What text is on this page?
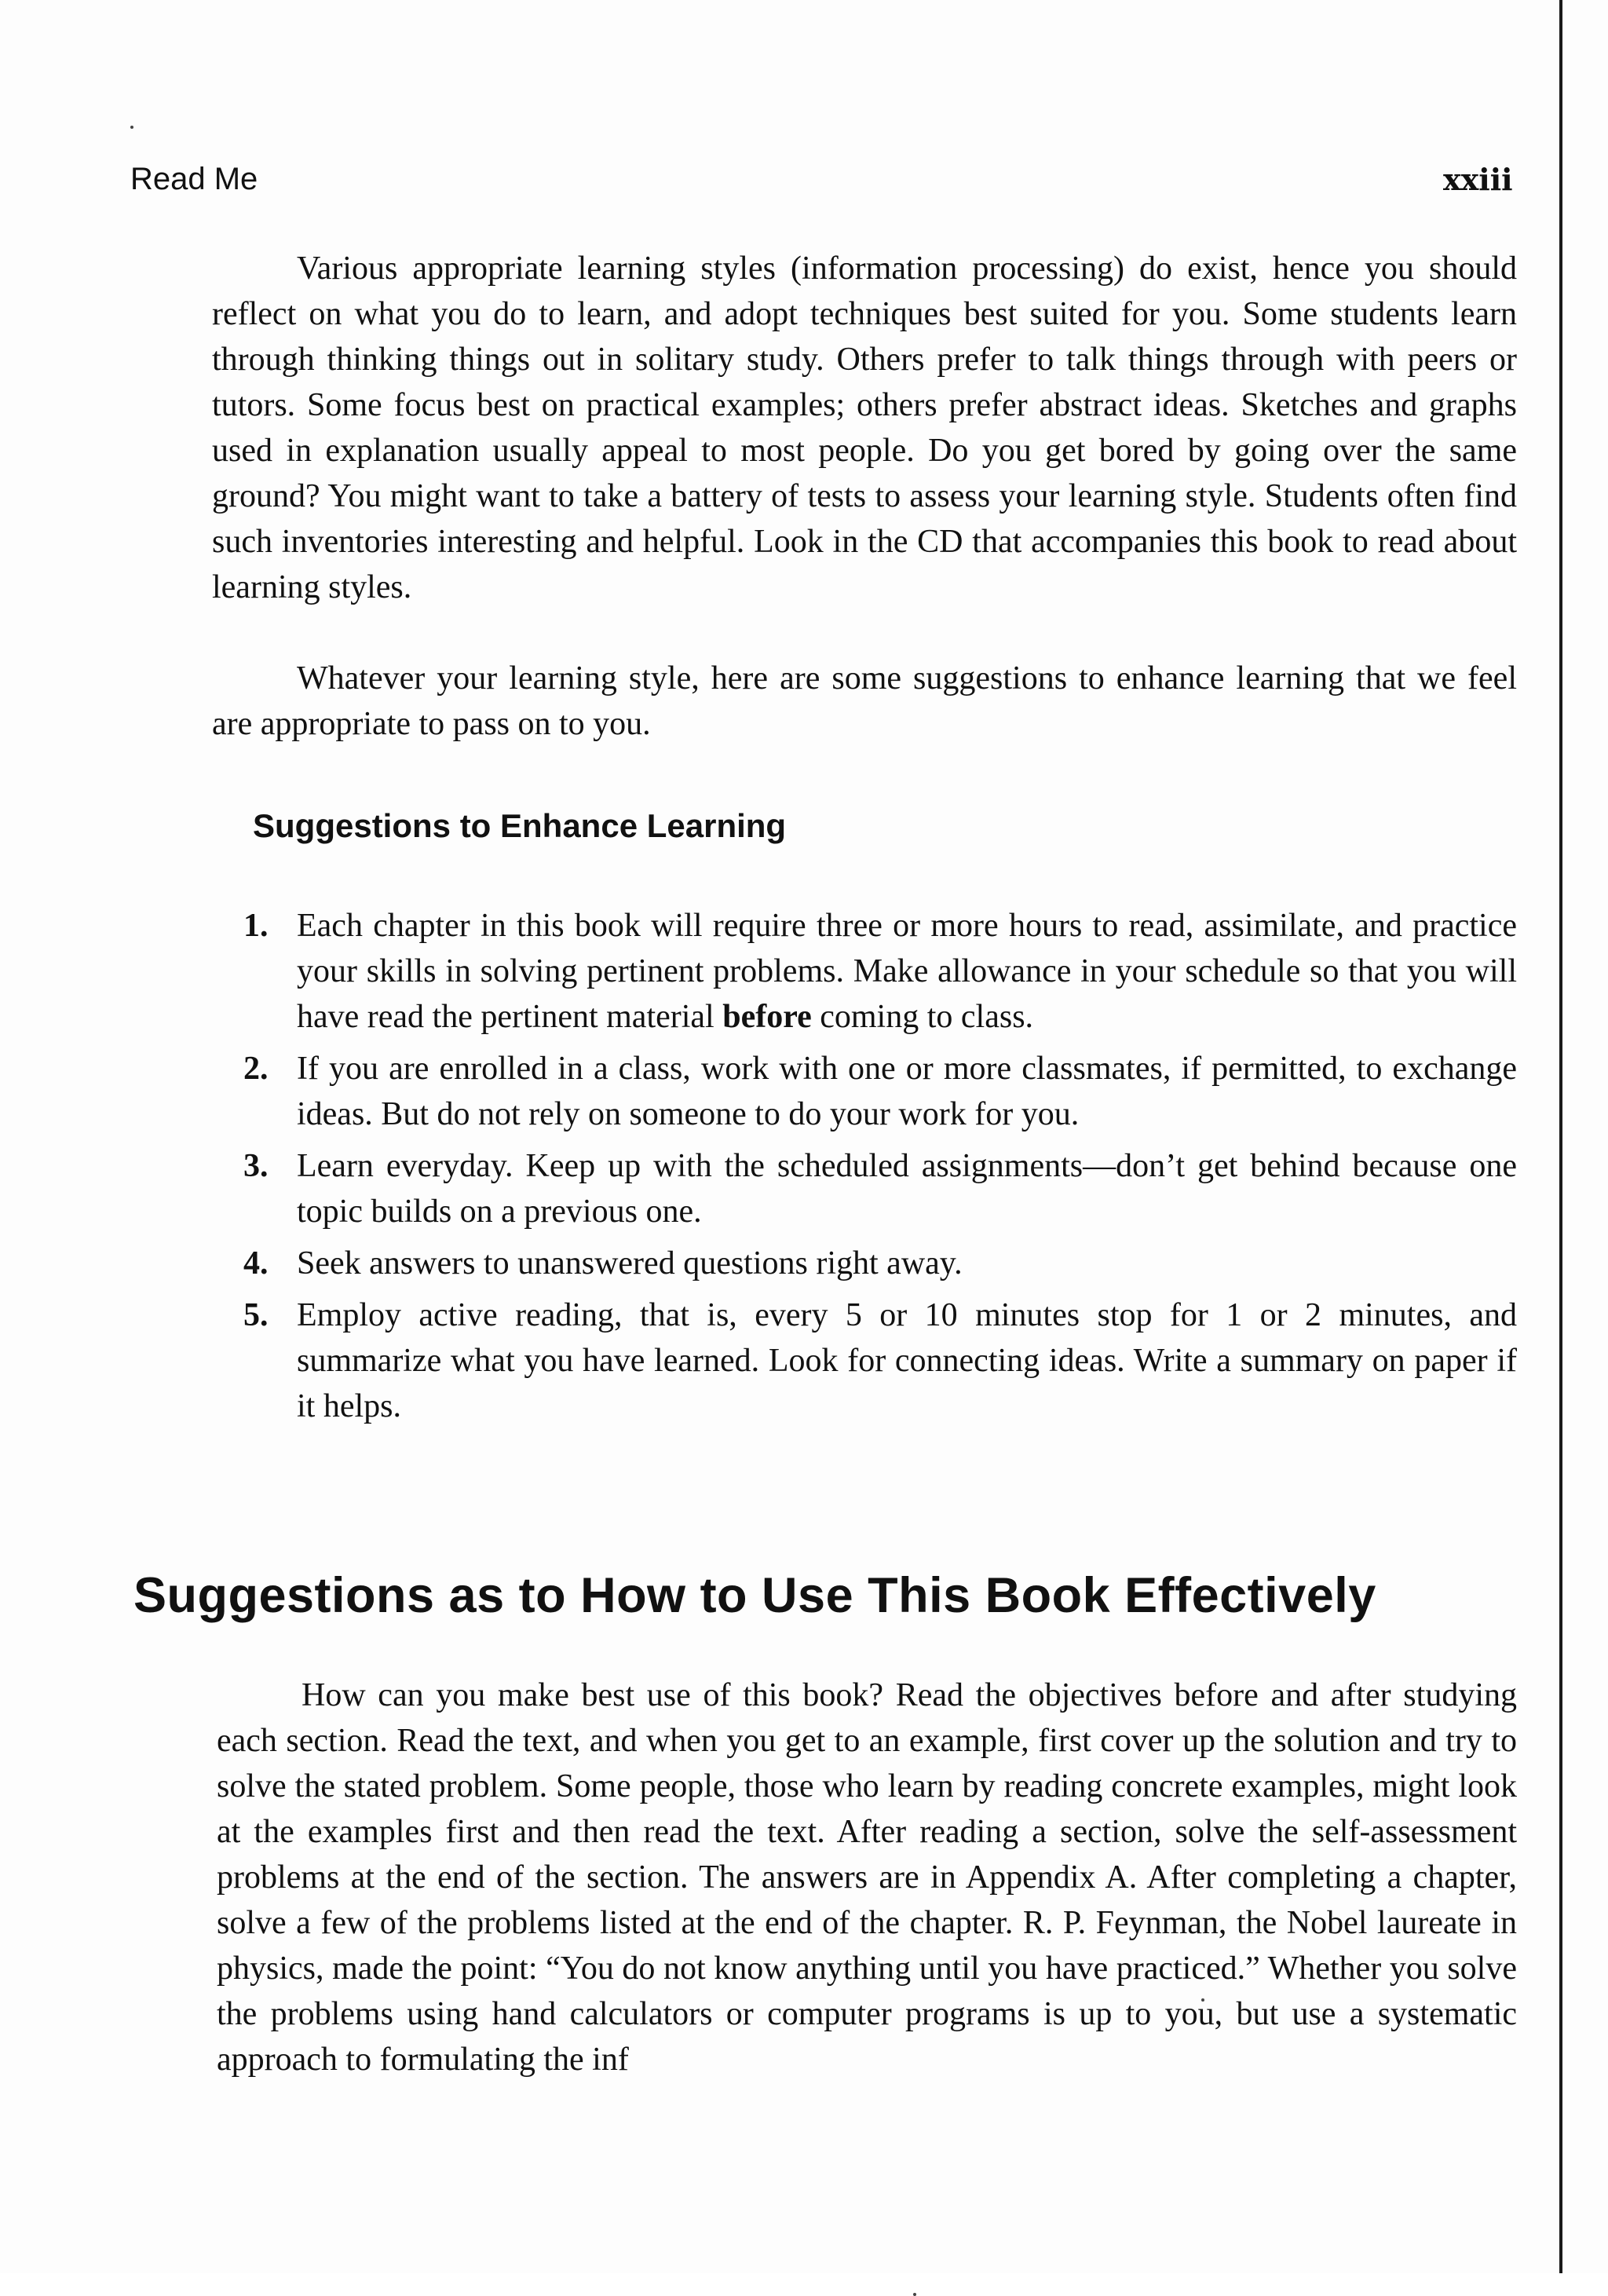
Read Me	xxiii

Various appropriate learning styles (information processing) do exist, hence you should reflect on what you do to learn, and adopt techniques best suited for you. Some students learn through thinking things out in solitary study. Others prefer to talk things through with peers or tutors. Some focus best on practical examples; others prefer abstract ideas. Sketches and graphs used in explanation usually appeal to most people. Do you get bored by going over the same ground? You might want to take a battery of tests to assess your learning style. Students often find such inventories interesting and helpful. Look in the CD that accompanies this book to read about learning styles.

Whatever your learning style, here are some suggestions to enhance learning that we feel are appropriate to pass on to you.

Suggestions to Enhance Learning
1. Each chapter in this book will require three or more hours to read, assimilate, and practice your skills in solving pertinent problems. Make allowance in your schedule so that you will have read the pertinent material before coming to class.
2. If you are enrolled in a class, work with one or more classmates, if permitted, to exchange ideas. But do not rely on someone to do your work for you.
3. Learn everyday. Keep up with the scheduled assignments—don’t get behind because one topic builds on a previous one.
4. Seek answers to unanswered questions right away.
5. Employ active reading, that is, every 5 or 10 minutes stop for 1 or 2 minutes, and summarize what you have learned. Look for connecting ideas. Write a summary on paper if it helps.
Suggestions as to How to Use This Book Effectively

How can you make best use of this book? Read the objectives before and after studying each section. Read the text, and when you get to an example, first cover up the solution and try to solve the stated problem. Some people, those who learn by reading concrete examples, might look at the examples first and then read the text. After reading a section, solve the self-assessment problems at the end of the section. The answers are in Appendix A. After completing a chapter, solve a few of the problems listed at the end of the chapter. R. P. Feynman, the Nobel laureate in physics, made the point: “You do not know anything until you have practiced.” Whether you solve the problems using hand calculators or computer programs is up to you, but use a systematic approach to formulating the inf
